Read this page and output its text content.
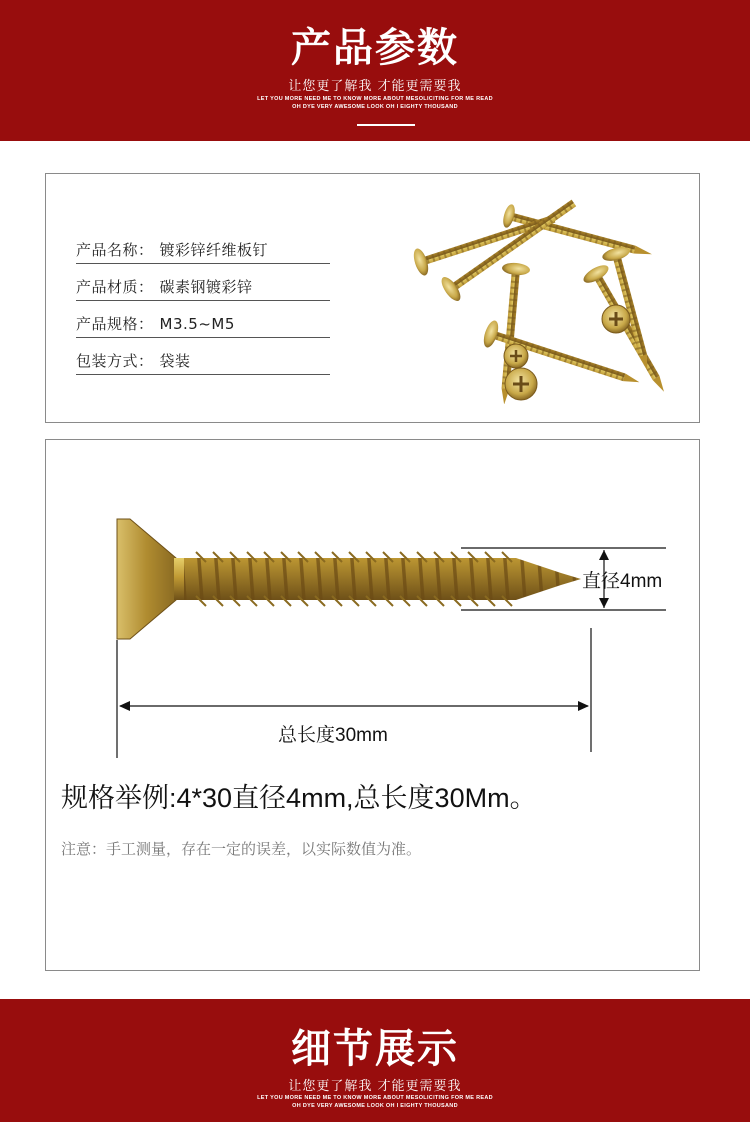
产品参数
让您更了解我 才能更需要我
LET YOU MORE NEED ME TO KNOW MORE ABOUT MESOLICITING FOR ME READ
OH DYE VERY AWESOME LOOK OH I EIGHTY THOUSAND
产品名称： 镀彩锌纤维板钉
产品材质： 碳素钢镀彩锌
产品规格： M3.5~M5
包装方式： 袋装
直径4mm
总长度30mm
规格举例:4*30直径4mm,总长度30Mm。
注意：手工测量，存在一定的误差，以实际数值为准。
细节展示
让您更了解我 才能更需要我
LET YOU MORE NEED ME TO KNOW MORE ABOUT MESOLICITING FOR ME READ
OH DYE VERY AWESOME LOOK OH I EIGHTY THOUSAND
